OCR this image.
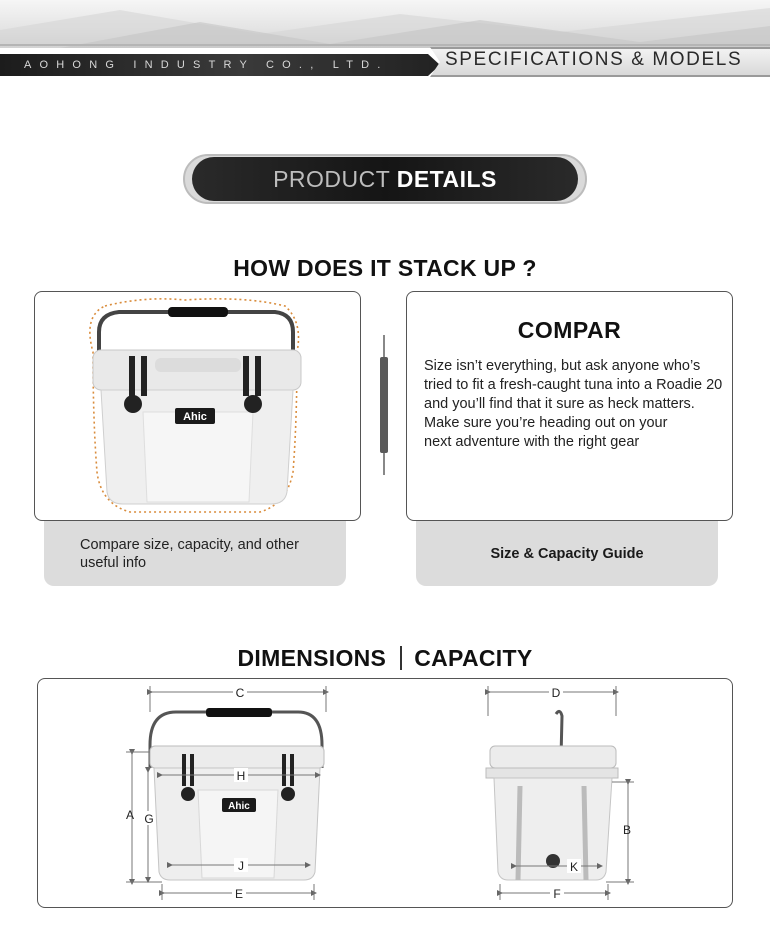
AOHONG INDUSTRY CO., LTD.	SPECIFICATIONS & MODELS
PRODUCT DETAILS
HOW DOES IT STACK UP ?
Ahic
COMPAR
Size isn’t everything, but ask anyone who’s tried to fit a fresh-caught tuna into a Roadie 20 and you’ll find that it sure as heck matters. Make sure you’re heading out on your
next adventure with the right gear
Compare size, capacity, and other useful info
Size & Capacity Guide
DIMENSIONS CAPACITY
Ahic
C
H
A G
J
E
D
B
K
F
